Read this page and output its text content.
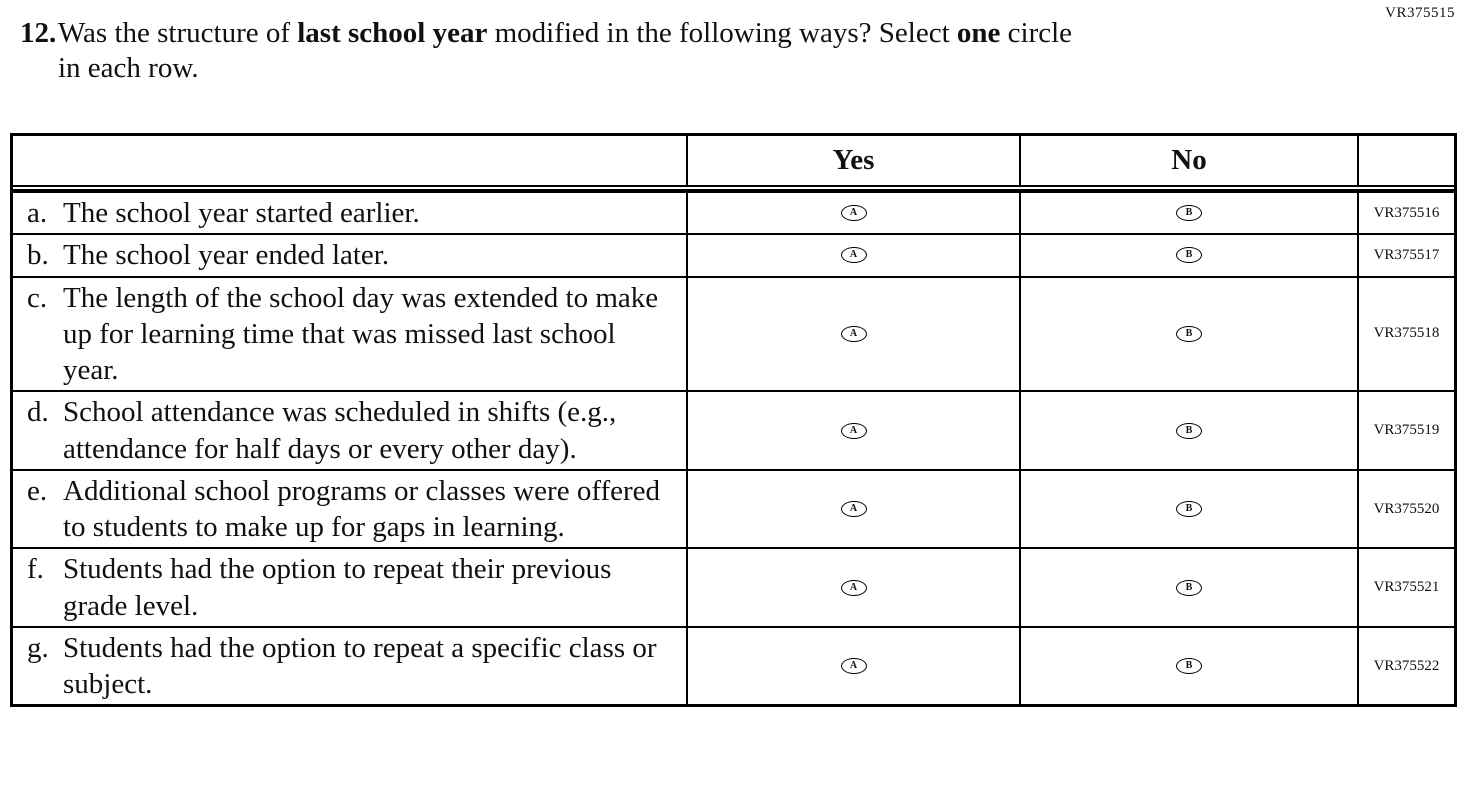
VR375515
12. Was the structure of last school year modified in the following ways? Select one circle
in each row.
Yes	No
a. The school year started earlier.	A	B	VR375516
b. The school year ended later.	A	B	VR375517
c. The length of the school day was extended to make up for learning time that was missed last school year.
A	B	VR375518
d. School attendance was scheduled in shifts (e.g., attendance for half days or every other day).
A	B	VR375519
e. Additional school programs or classes were offered to students to make up for gaps in learning.
A	B	VR375520
f. Students had the option to repeat their previous grade level.
A	B	VR375521
g. Students had the option to repeat a specific class or subject.
A	B	VR375522
